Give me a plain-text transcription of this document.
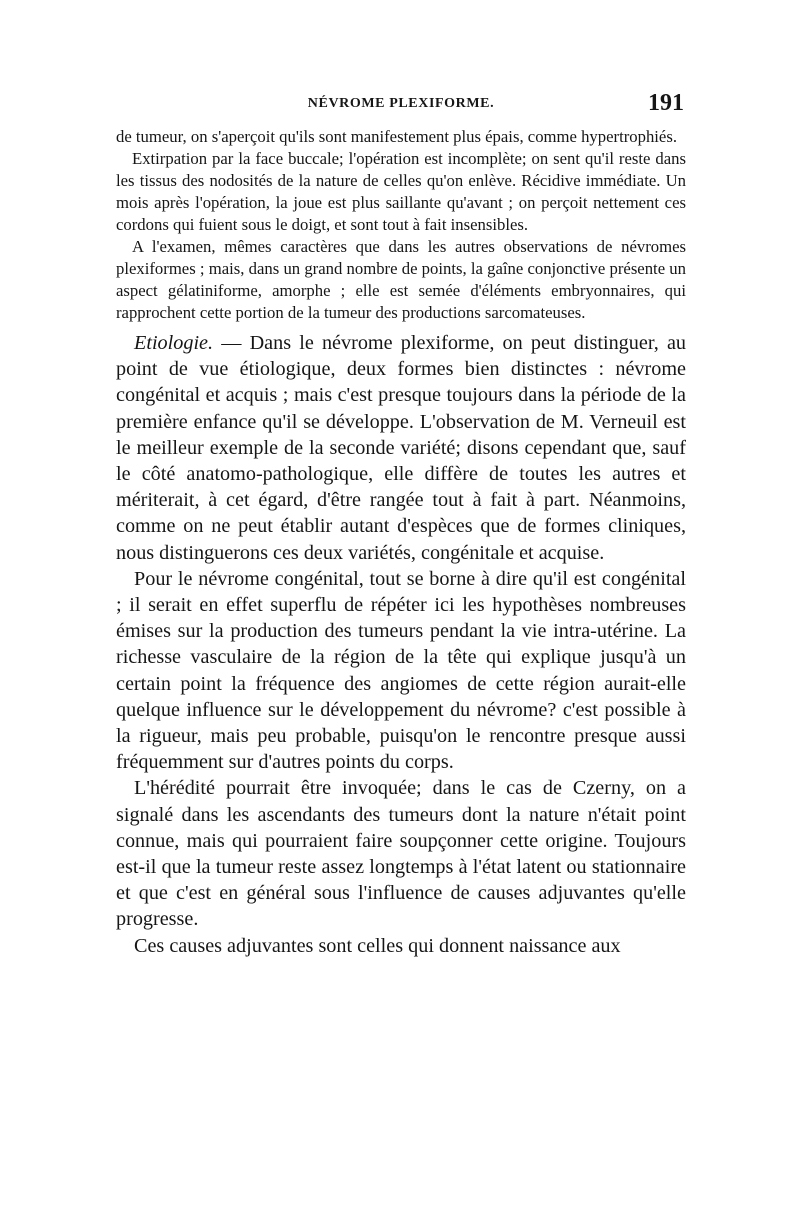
NÉVROME PLEXIFORME.	191

de tumeur, on s'aperçoit qu'ils sont manifestement plus épais, comme hypertrophiés.

Extirpation par la face buccale; l'opération est incomplète; on sent qu'il reste dans les tissus des nodosités de la nature de celles qu'on enlève. Récidive immédiate. Un mois après l'opération, la joue est plus saillante qu'avant ; on perçoit nettement ces cordons qui fuient sous le doigt, et sont tout à fait insensibles.

A l'examen, mêmes caractères que dans les autres observations de névromes plexiformes ; mais, dans un grand nombre de points, la gaîne conjonctive présente un aspect gélatiniforme, amorphe ; elle est semée d'éléments embryonnaires, qui rapprochent cette portion de la tumeur des productions sarcomateuses.

Etiologie. — Dans le névrome plexiforme, on peut distinguer, au point de vue étiologique, deux formes bien distinctes : névrome congénital et acquis ; mais c'est presque toujours dans la période de la première enfance qu'il se développe. L'observation de M. Verneuil est le meilleur exemple de la seconde variété; disons cependant que, sauf le côté anatomo-pathologique, elle diffère de toutes les autres et mériterait, à cet égard, d'être rangée tout à fait à part. Néanmoins, comme on ne peut établir autant d'espèces que de formes cliniques, nous distinguerons ces deux variétés, congénitale et acquise.

Pour le névrome congénital, tout se borne à dire qu'il est congénital ; il serait en effet superflu de répéter ici les hypothèses nombreuses émises sur la production des tumeurs pendant la vie intra-utérine. La richesse vasculaire de la région de la tête qui explique jusqu'à un certain point la fréquence des angiomes de cette région aurait-elle quelque influence sur le développement du névrome? c'est possible à la rigueur, mais peu probable, puisqu'on le rencontre presque aussi fréquemment sur d'autres points du corps.

L'hérédité pourrait être invoquée; dans le cas de Czerny, on a signalé dans les ascendants des tumeurs dont la nature n'était point connue, mais qui pourraient faire soupçonner cette origine. Toujours est-il que la tumeur reste assez longtemps à l'état latent ou stationnaire et que c'est en général sous l'influence de causes adjuvantes qu'elle progresse.

Ces causes adjuvantes sont celles qui donnent naissance aux
